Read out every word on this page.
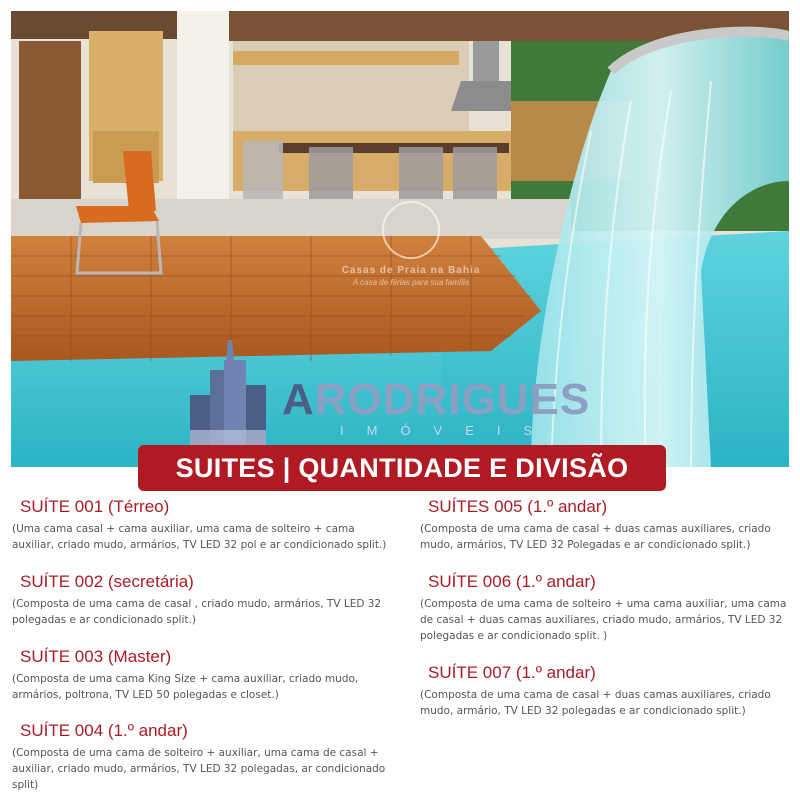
Casas de Praia na Bahia
A casa de férias para sua família
ARODRIGUES
IMÓVEIS
SUITES | QUANTIDADE E DIVISÃO
SUÍTE 001 (Térreo)
(Uma cama casal + cama auxiliar, uma cama de solteiro + cama auxiliar, criado mudo, armários, TV LED 32 pol e ar condicionado split.)
SUÍTE 002 (secretária)
(Composta de uma cama de casal , criado mudo, armários, TV LED 32 polegadas e ar condicionado split.)
SUÍTE 003 (Master)
(Composta de uma cama King Size + cama auxiliar, criado mudo, armários, poltrona, TV LED 50 polegadas e closet.)
SUÍTE 004 (1.º andar)
(Composta de uma cama de solteiro + auxiliar, uma cama de casal + auxiliar, criado mudo, armários, TV LED 32 polegadas, ar condicionado split)
SUÍTES 005 (1.º andar)
(Composta de uma cama de casal + duas camas auxiliares, criado mudo, armários, TV LED 32 Polegadas e ar condicionado split.)
SUÍTE 006 (1.º andar)
(Composta de uma cama de solteiro + uma cama auxiliar, uma cama de casal + duas camas auxiliares, criado mudo, armários, TV LED 32 polegadas e ar condicionado split. )
SUÍTE 007 (1.º andar)
(Composta de uma cama de casal + duas camas auxiliares, criado mudo, armário, TV LED 32 polegadas e ar condicionado split.)
